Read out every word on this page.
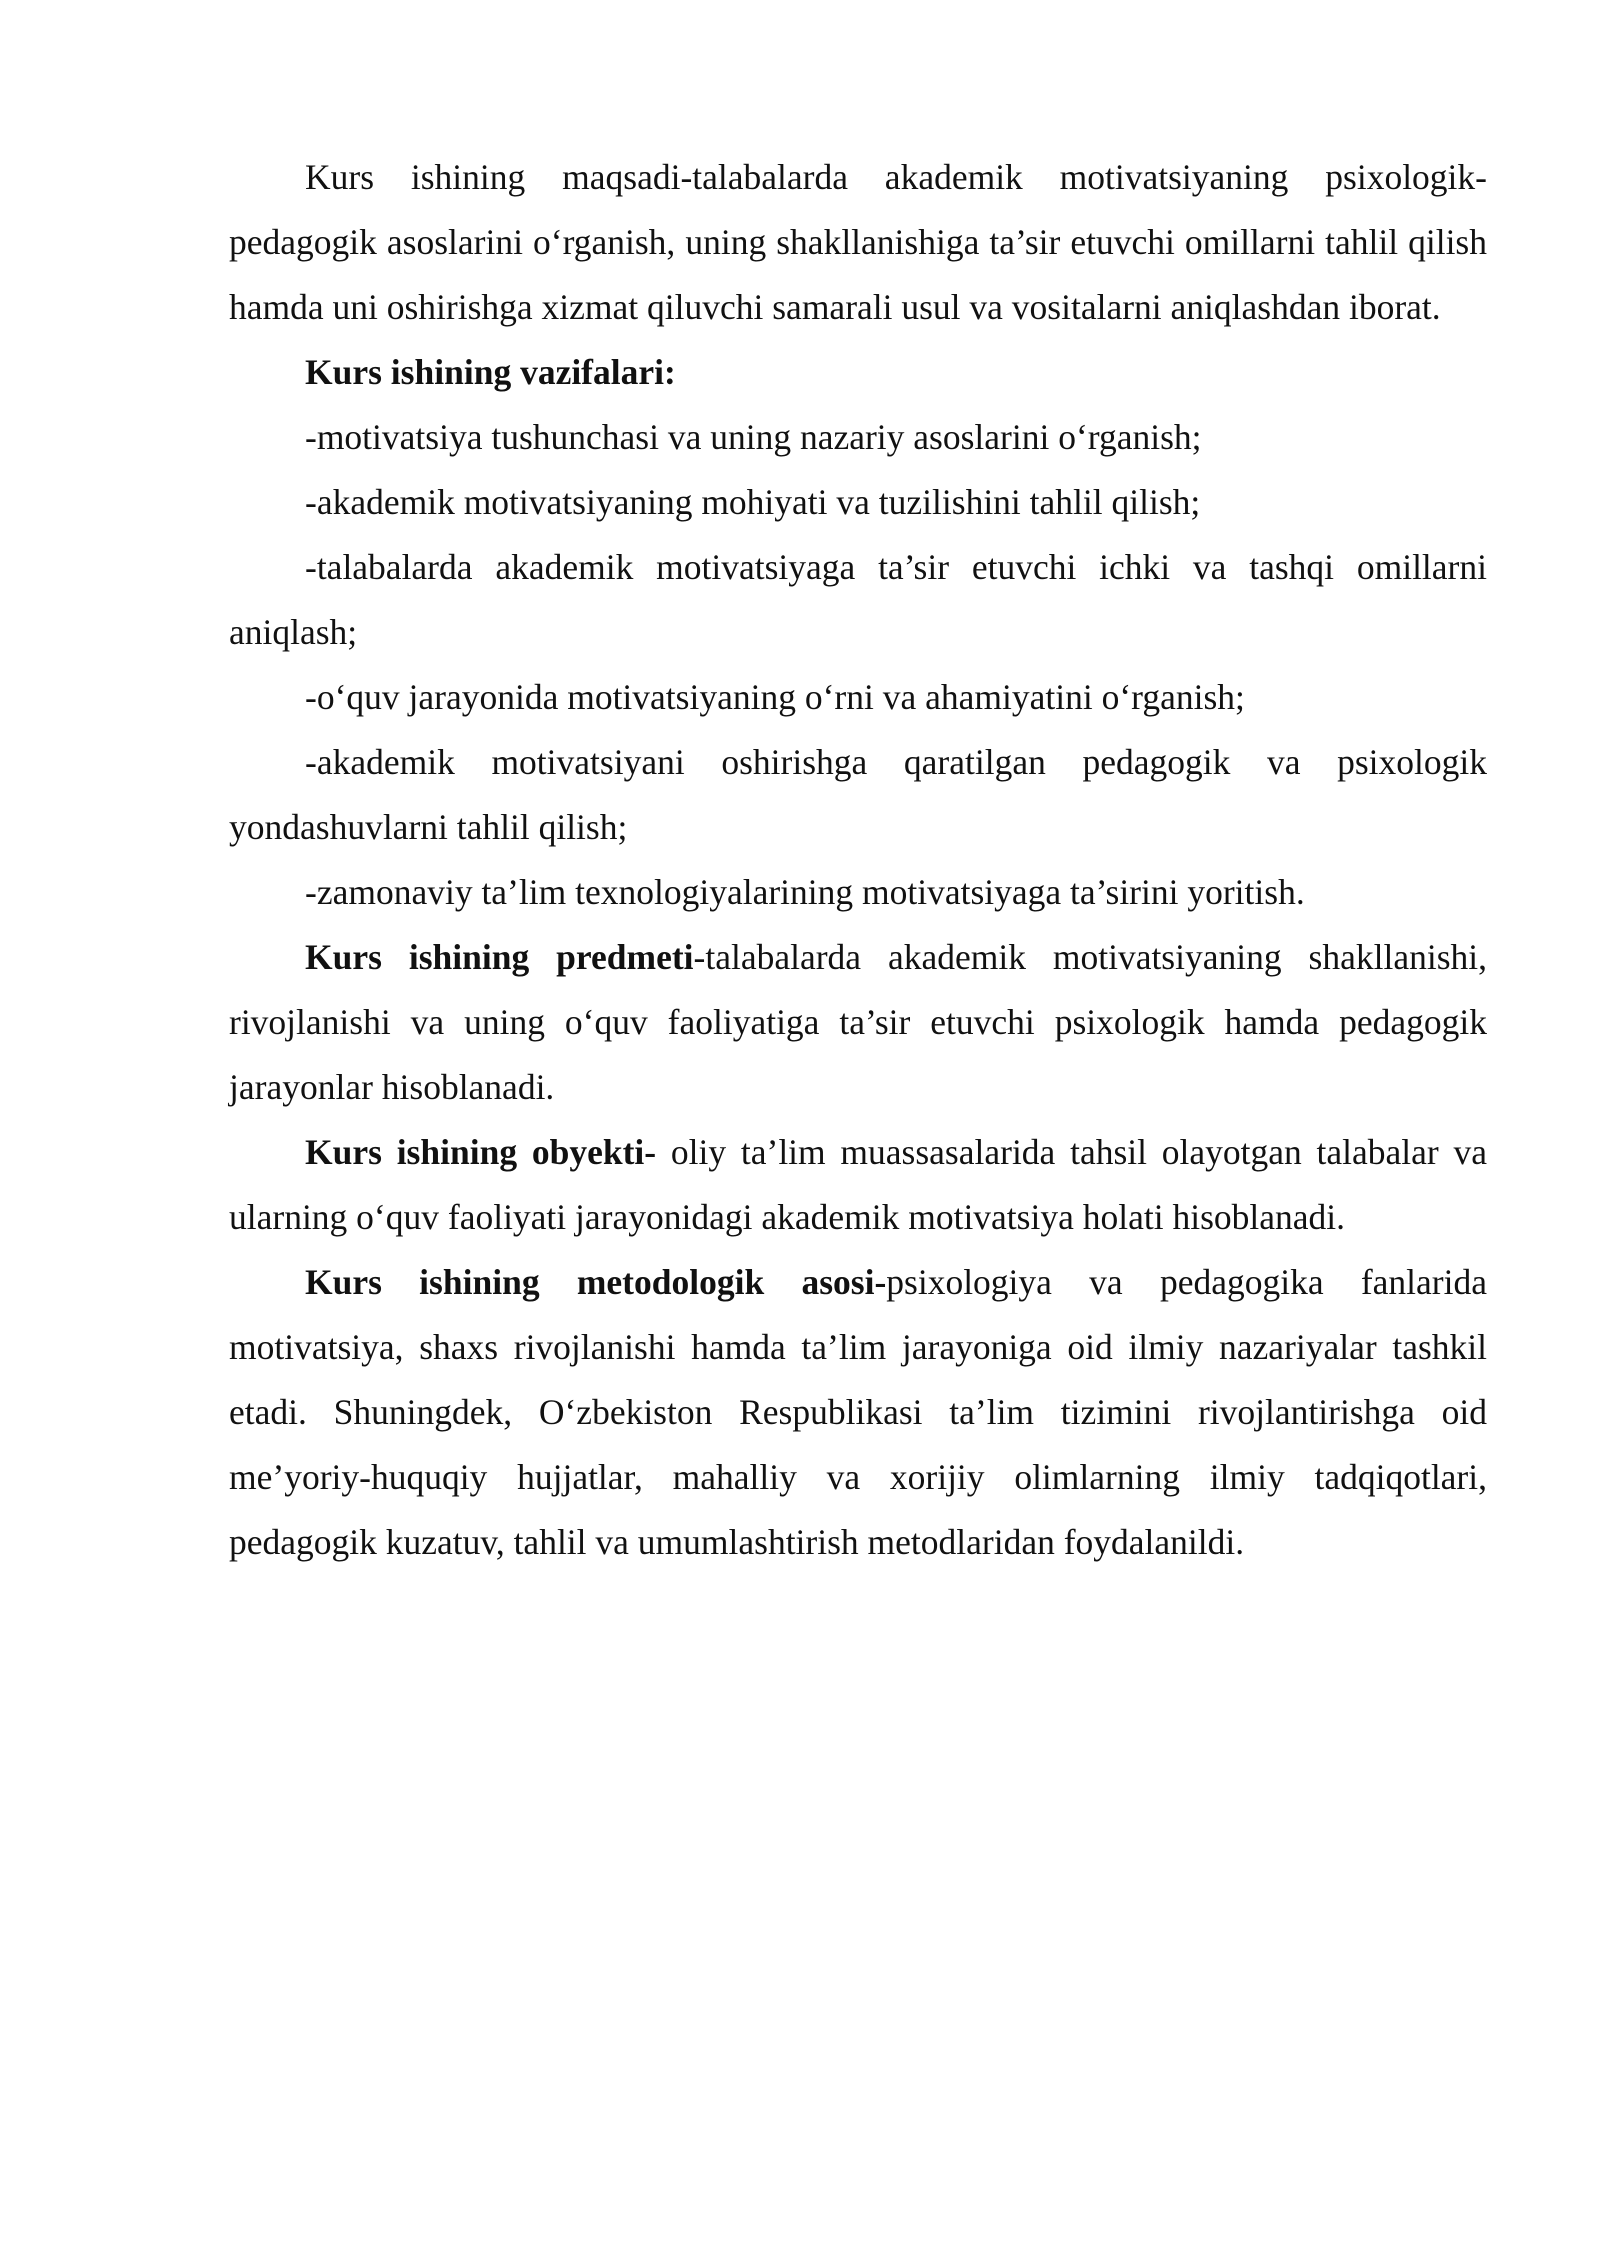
Kurs ishining maqsadi-talabalarda akademik motivatsiyaning psixologik-pedagogik asoslarini o‘rganish, uning shakllanishiga ta’sir etuvchi omillarni tahlil qilish hamda uni oshirishga xizmat qiluvchi samarali usul va vositalarni aniqlashdan iborat.

Kurs ishining vazifalari:

-motivatsiya tushunchasi va uning nazariy asoslarini o‘rganish;

-akademik motivatsiyaning mohiyati va tuzilishini tahlil qilish;

-talabalarda akademik motivatsiyaga ta’sir etuvchi ichki va tashqi omillarni aniqlash;

-o‘quv jarayonida motivatsiyaning o‘rni va ahamiyatini o‘rganish;

-akademik motivatsiyani oshirishga qaratilgan pedagogik va psixologik yondashuvlarni tahlil qilish;

-zamonaviy ta’lim texnologiyalarining motivatsiyaga ta’sirini yoritish.

Kurs ishining predmeti-talabalarda akademik motivatsiyaning shakllanishi, rivojlanishi va uning o‘quv faoliyatiga ta’sir etuvchi psixologik hamda pedagogik jarayonlar hisoblanadi.

Kurs ishining obyekti- oliy ta’lim muassasalarida tahsil olayotgan talabalar va ularning o‘quv faoliyati jarayonidagi akademik motivatsiya holati hisoblanadi.

Kurs ishining metodologik asosi-psixologiya va pedagogika fanlarida motivatsiya, shaxs rivojlanishi hamda ta’lim jarayoniga oid ilmiy nazariyalar tashkil etadi. Shuningdek, O‘zbekiston Respublikasi ta’lim tizimini rivojlantirishga oid me’yoriy-huquqiy hujjatlar, mahalliy va xorijiy olimlarning ilmiy tadqiqotlari, pedagogik kuzatuv, tahlil va umumlashtirish metodlaridan foydalanildi.
